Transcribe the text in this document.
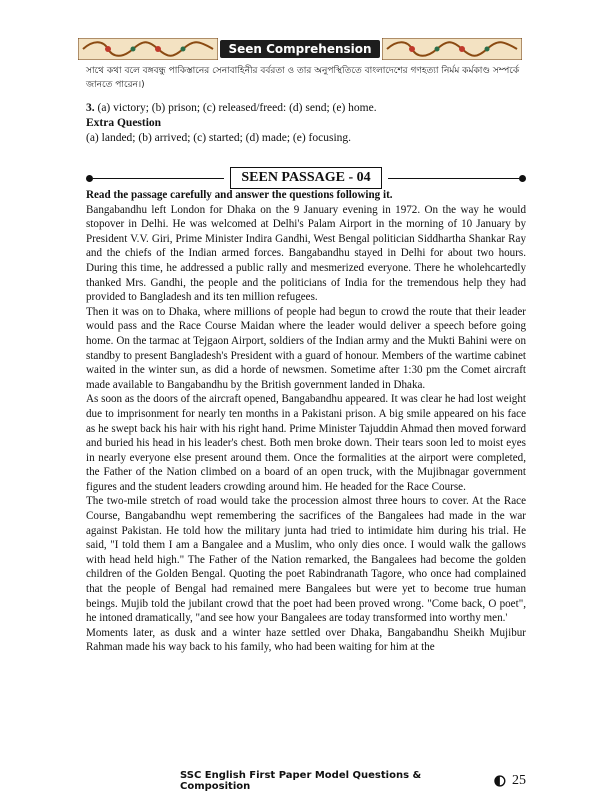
Seen Comprehension
সাথে কথা বলে বঙ্গবন্ধু পাকিস্তানের সেনাবাহিনীর বর্বরতা ও তার অনুপস্থিতিতে বাংলাদেশের গণহত্যা নির্মম কর্মকাণ্ড সম্পর্কে জানতে পারেন।)
3. (a) victory; (b) prison; (c) released/freed: (d) send; (e) home.
Extra Question
(a) landed; (b) arrived; (c) started; (d) made; (e) focusing.
SEEN PASSAGE - 04

Read the passage carefully and answer the questions following it.

Bangabandhu left London for Dhaka on the 9 January evening in 1972. On the way he would stopover in Delhi. He was welcomed at Delhi's Palam Airport in the morning of 10 January by President V.V. Giri, Prime Minister Indira Gandhi, West Bengal politician Siddhartha Shankar Ray and the chiefs of the Indian armed forces. Bangabandhu stayed in Delhi for about two hours. During this time, he addressed a public rally and mesmerized everyone. There he wholehcartedly thanked Mrs. Gandhi, the people and the politicians of India for the tremendous help they had provided to Bangladesh and its ten million refugees.

Then it was on to Dhaka, where millions of people had begun to crowd the route that their leader would pass and the Race Course Maidan where the leader would deliver a speech before going home. On the tarmac at Tejgaon Airport, soldiers of the Indian army and the Mukti Bahini were on standby to present Bangladesh's President with a guard of honour. Members of the wartime cabinet waited in the winter sun, as did a horde of newsmen. Sometime after 1:30 pm the Comet aircraft made available to Bangabandhu by the British government landed in Dhaka.

As soon as the doors of the aircraft opened, Bangabandhu appeared. It was clear he had lost weight due to imprisonment for nearly ten months in a Pakistani prison. A big smile appeared on his face as he swept back his hair with his right hand. Prime Minister Tajuddin Ahmad then moved forward and buried his head in his leader's chest. Both men broke down. Their tears soon led to moist eyes in nearly everyone else present around them. Once the formalities at the airport were completed, the Father of the Nation climbed on a board of an open truck, with the Mujibnagar government figures and the student leaders crowding around him. He headed for the Race Course.

The two-mile stretch of road would take the procession almost three hours to cover. At the Race Course, Bangabandhu wept remembering the sacrifices of the Bangalees had made in the war against Pakistan. He told how the military junta had tried to intimidate him during his trial. He said, "I told them I am a Bangalee and a Muslim, who only dies once. I would walk the gallows with head held high." The Father of the Nation remarked, the Bangalees had become the golden children of the Golden Bengal. Quoting the poet Rabindranath Tagore, who once had complained that the people of Bengal had remained mere Bangalees but were yet to become true human beings. Mujib told the jubilant crowd that the poet had been proved wrong. "Come back, O poet", he intoned dramatically, "and see how your Bangalees are today transformed into worthy men.'

Moments later, as dusk and a winter haze settled over Dhaka, Bangabandhu Sheikh Mujibur Rahman made his way back to his family, who had been waiting for him at the

SSC English First Paper Model Questions & Composition	25
